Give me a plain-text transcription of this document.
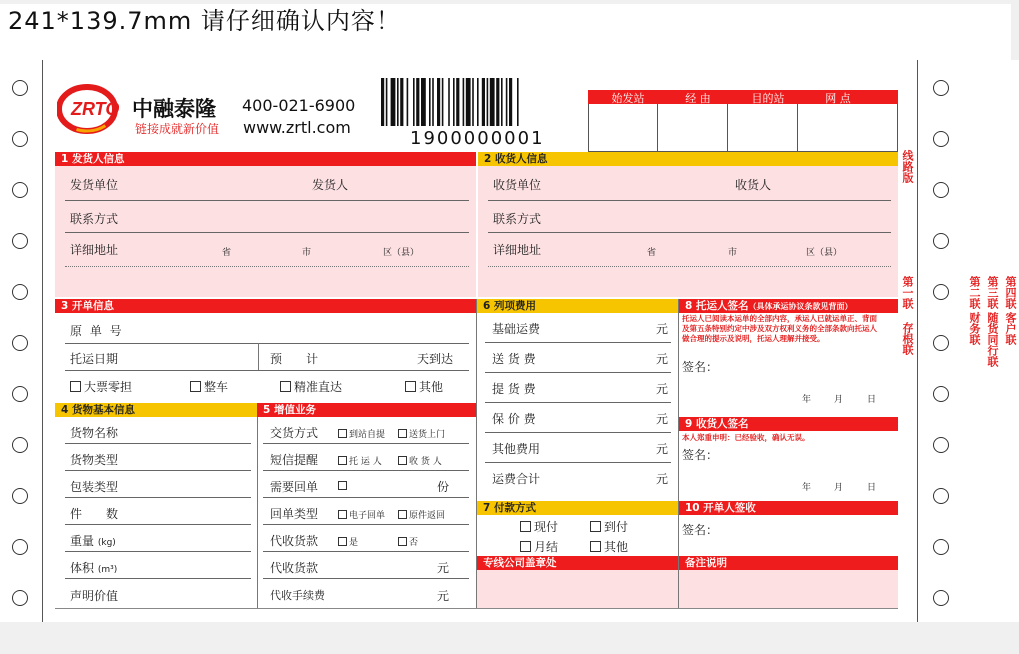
241*139.7mm 请仔细确认内容！
ZRTO 中融泰隆
链接成就新价值
400-021-6900
www.zrtl.com
1900000001
始发站	经 由	目的站	网 点
1 发货人信息
发货单位	发货人
联系方式
详细地址	省	市	区（县）
2 收货人信息
收货单位	收货人
联系方式
详细地址	省	市	区（县）
3 开单信息
原 单 号
托运日期	预　　计	天到达
大票零担	整车	精准直达	其他
4 货物基本信息
货物名称
货物类型
包装类型
件　　数
重量 (kg)
体积 (m³)
声明价值
5 增值业务
交货方式	到站自提	送货上门
短信提醒	托 运 人	收 货 人
需要回单	份
回单类型	电子回单	原件返回
代收货款	是	否
代收货款	元
代收手续费	元
6 列项费用
7 付款方式
现付	到付
月结	其他
专线公司盖章处
8 托运人签名（具体承运协议条款见背面）
托运人已阅读本运单的全部内容，承运人已就运单正、背面及第五条特别约定中涉及双方权利义务的全部条款向托运人做合理的提示及说明，托运人理解并接受。
签名：
年	月	日
9 收货人签名
本人郑重申明：已经验收，确认无误。
签名：
年	月	日
10 开单人签收
签名：
备注说明
线路版
第一联
存根联
基础运费	元
送 货 费	元
提 货 费	元
保 价 费	元
其他费用	元
运费合计	元
第二联
财务联
第三联
随货同行联
第四联
客户联
